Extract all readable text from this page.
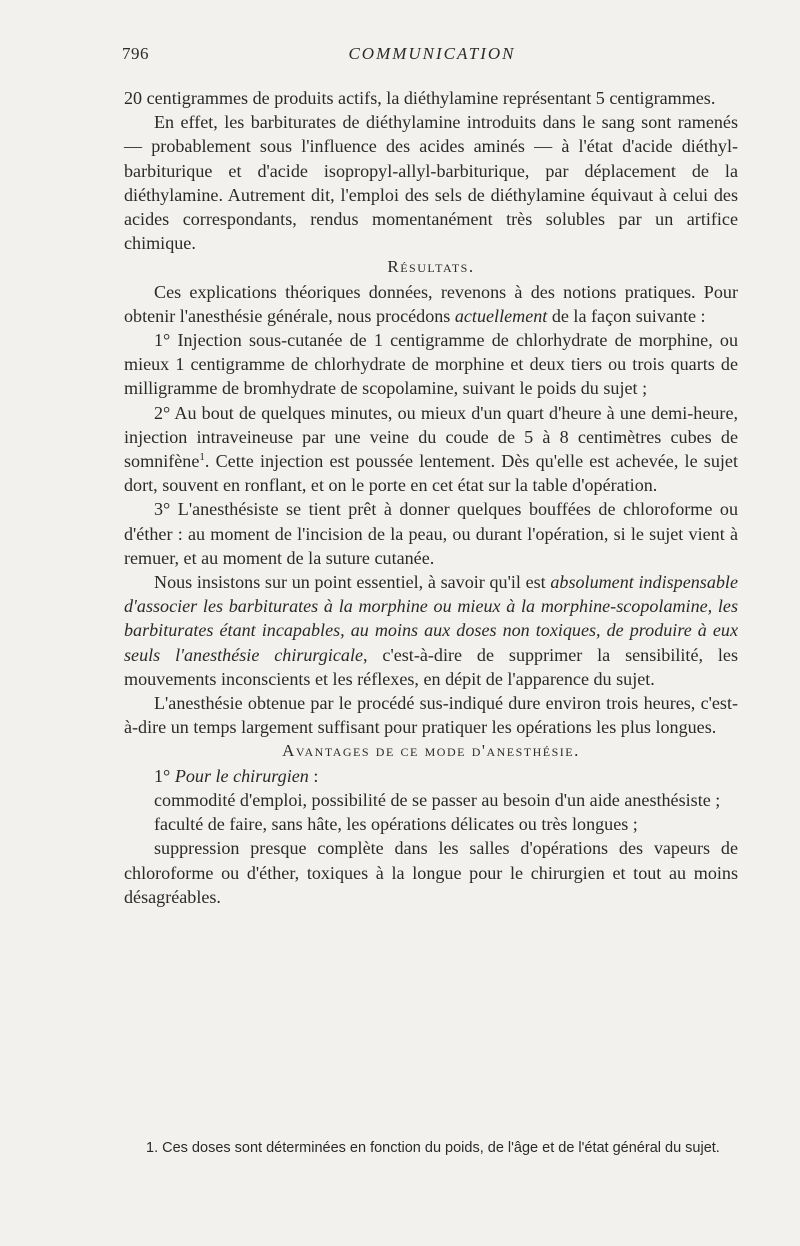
796	COMMUNICATION

20 centigrammes de produits actifs, la diéthylamine représentant 5 centigrammes.

En effet, les barbiturates de diéthylamine introduits dans le sang sont ramenés — probablement sous l'influence des acides aminés — à l'état d'acide diéthyl-barbiturique et d'acide isopropyl-allyl-barbiturique, par déplacement de la diéthylamine. Autrement dit, l'emploi des sels de diéthylamine équivaut à celui des acides correspondants, rendus momentanément très solubles par un artifice chimique.

Résultats.

Ces explications théoriques données, revenons à des notions pratiques. Pour obtenir l'anesthésie générale, nous procédons actuellement de la façon suivante :

1° Injection sous-cutanée de 1 centigramme de chlorhydrate de morphine, ou mieux 1 centigramme de chlorhydrate de morphine et deux tiers ou trois quarts de milligramme de bromhydrate de scopolamine, suivant le poids du sujet ;

2° Au bout de quelques minutes, ou mieux d'un quart d'heure à une demi-heure, injection intraveineuse par une veine du coude de 5 à 8 centimètres cubes de somnifène$^1$. Cette injection est poussée lentement. Dès qu'elle est achevée, le sujet dort, souvent en ronflant, et on le porte en cet état sur la table d'opération.

3° L'anesthésiste se tient prêt à donner quelques bouffées de chloroforme ou d'éther : au moment de l'incision de la peau, ou durant l'opération, si le sujet vient à remuer, et au moment de la suture cutanée.

Nous insistons sur un point essentiel, à savoir qu'il est absolument indispensable d'associer les barbiturates à la morphine ou mieux à la morphine-scopolamine, les barbiturates étant incapables, au moins aux doses non toxiques, de produire à eux seuls l'anesthésie chirurgicale, c'est-à-dire de supprimer la sensibilité, les mouvements inconscients et les réflexes, en dépit de l'apparence du sujet.

L'anesthésie obtenue par le procédé sus-indiqué dure environ trois heures, c'est-à-dire un temps largement suffisant pour pratiquer les opérations les plus longues.

Avantages de ce mode d'anesthésie.

1° Pour le chirurgien :

commodité d'emploi, possibilité de se passer au besoin d'un aide anesthésiste ;

faculté de faire, sans hâte, les opérations délicates ou très longues ;

suppression presque complète dans les salles d'opérations des vapeurs de chloroforme ou d'éther, toxiques à la longue pour le chirurgien et tout au moins désagréables.

1. Ces doses sont déterminées en fonction du poids, de l'âge et de l'état général du sujet.
